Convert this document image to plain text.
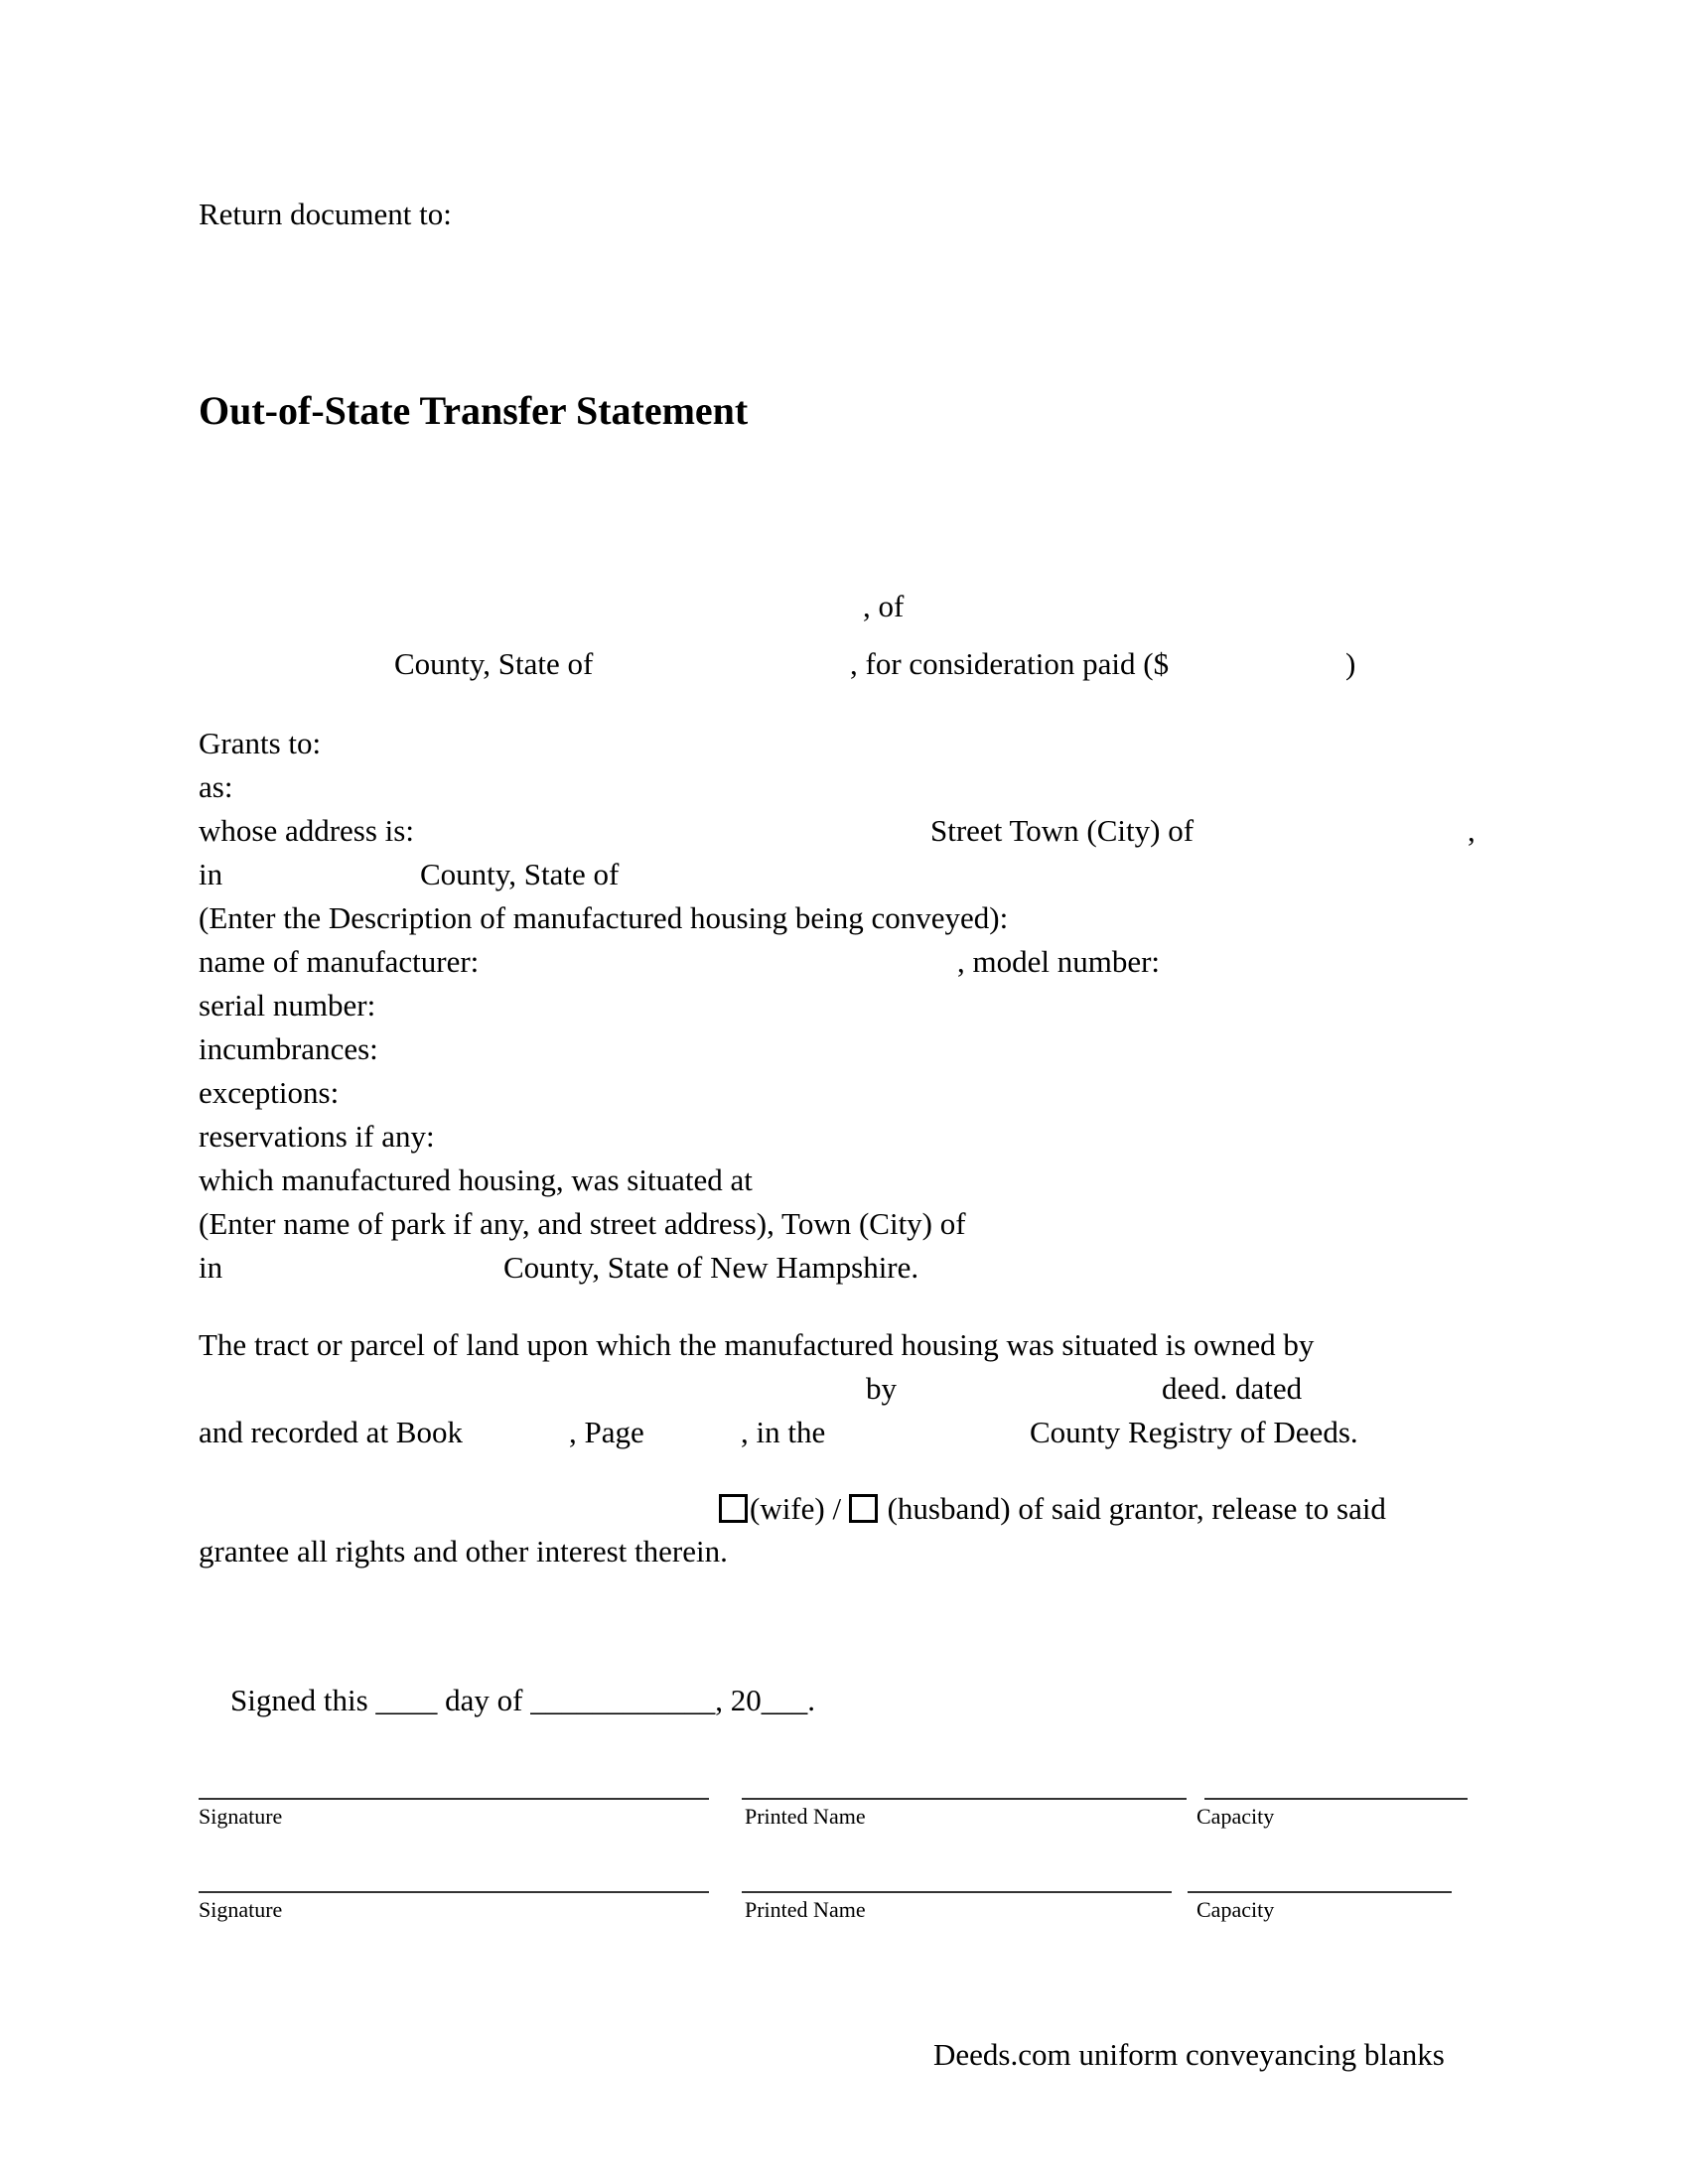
Return document to:
Out-of-State Transfer Statement
, of
County, State of	, for consideration paid ($	)
Grants to:
as:
whose address is:	Street Town (City) of	,
in	County, State of
(Enter the Description of manufactured housing being conveyed):
name of manufacturer:	, model number:
serial number:
incumbrances:
exceptions:
reservations if any:
which manufactured housing, was situated at
(Enter name of park if any, and street address), Town (City) of
in	County, State of New Hampshire.
The tract or parcel of land upon which the manufactured housing was situated is owned by
by	deed. dated
and recorded at Book	, Page	, in the	County Registry of Deeds.
(wife) / (husband) of said grantor, release to said
grantee all rights and other interest therein.
Signed this ____ day of ____________, 20___.
Signature	Printed Name	Capacity
Signature	Printed Name	Capacity
Deeds.com uniform conveyancing blanks
